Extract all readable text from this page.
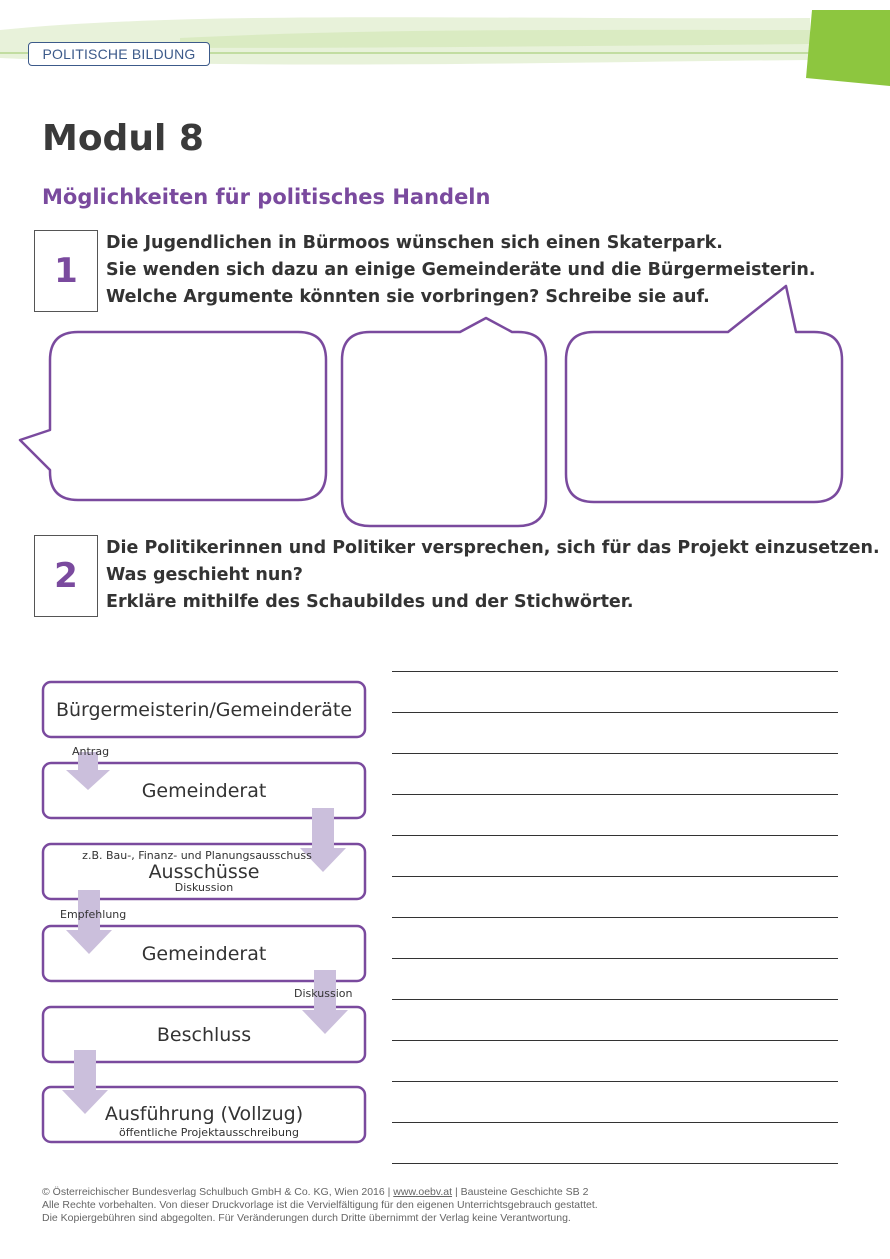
POLITISCHE BILDUNG
Modul 8
Möglichkeiten für politisches Handeln
1
Die Jugendlichen in Bürmoos wünschen sich einen Skaterpark.
Sie wenden sich dazu an einige Gemeinderäte und die Bürgermeisterin.
Welche Argumente könnten sie vorbringen? Schreibe sie auf.
2
Die Politikerinnen und Politiker versprechen, sich für das Projekt einzusetzen.
Was geschieht nun?
Erkläre mithilfe des Schaubildes und der Stichwörter.
Bürgermeisterin/Gemeinderäte
Gemeinderat
z.B. Bau-, Finanz- und Planungsausschuss
Ausschüsse
Diskussion
Gemeinderat
Beschluss
Ausführung (Vollzug)
öffentliche Projektausschreibung
Antrag
Empfehlung
Diskussion
© Österreichischer Bundesverlag Schulbuch GmbH & Co. KG, Wien 2016 | www.oebv.at | Bausteine Geschichte SB 2
Alle Rechte vorbehalten. Von dieser Druckvorlage ist die Vervielfältigung für den eigenen Unterrichtsgebrauch gestattet.
Die Kopiergebühren sind abgegolten. Für Veränderungen durch Dritte übernimmt der Verlag keine Verantwortung.
